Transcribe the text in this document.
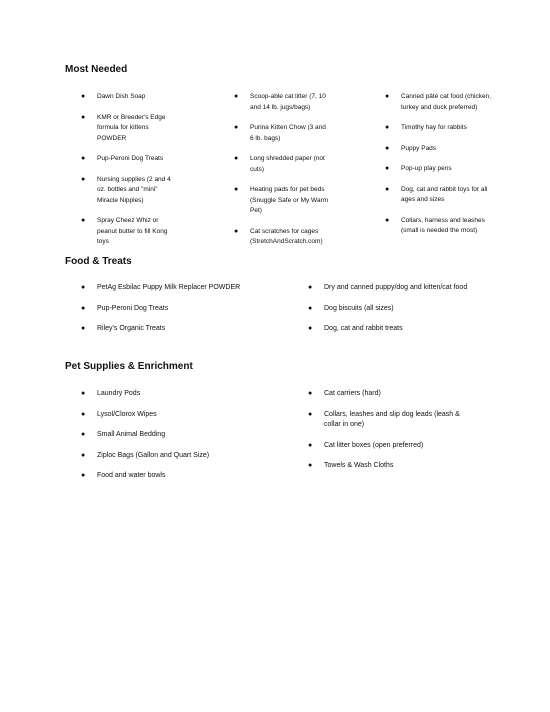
Most Needed
● Dawn Dish Soap
● KMR or Breeder's Edge formula for kittens POWDER
● Pup-Peroni Dog Treats
● Nursing supplies (2 and 4 oz. bottles and "mini" Miracle Nipples)
● Spray Cheez Whiz or peanut butter to fill Kong toys
● Scoop-able cat litter (7, 10 and 14 lb. jugs/bags)
● Purina Kitten Chow (3 and 6 lb. bags)
● Long shredded paper (not cuts)
● Heating pads for pet beds (Snuggle Safe or My Warm Pet)
● Cat scratches for cages (StretchAndScratch.com)
● Canned pâté cat food (chicken, turkey and duck preferred)
● Timothy hay for rabbits
● Puppy Pads
● Pop-up play pens
● Dog, cat and rabbit toys for all ages and sizes
● Collars, harness and leashes (small is needed the most)
Food & Treats
● PetAg Esbilac Puppy Milk Replacer POWDER
● Pup-Peroni Dog Treats
● Riley's Organic Treats
● Dry and canned puppy/dog and kitten/cat food
● Dog biscuits (all sizes)
● Dog, cat and rabbit treats
Pet Supplies & Enrichment
● Laundry Pods
● Lysol/Clorox Wipes
● Small Animal Bedding
● Ziploc Bags (Gallon and Quart Size)
● Food and water bowls
● Cat carriers (hard)
● Collars, leashes and slip dog leads (leash & collar in one)
● Cat litter boxes (open preferred)
● Towels & Wash Cloths
